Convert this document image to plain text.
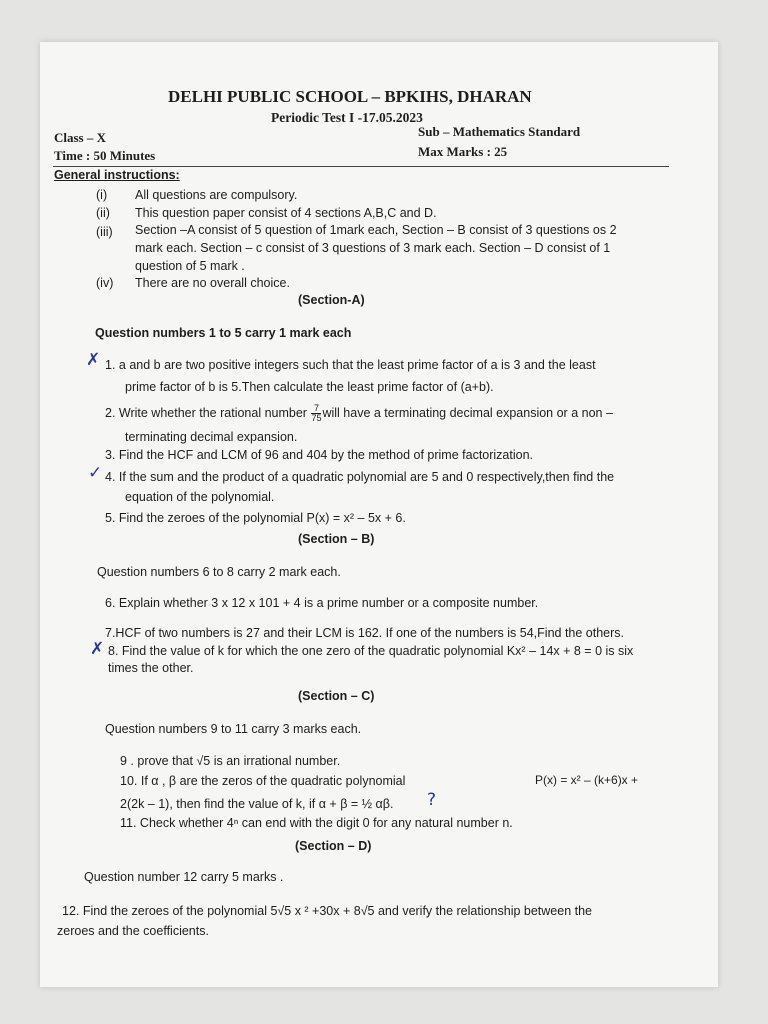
DELHI PUBLIC SCHOOL – BPKIHS, DHARAN
Periodic Test I -17.05.2023
Class – X	Sub – Mathematics Standard
Time : 50 Minutes	Max Marks : 25
General instructions:
(i) All questions are compulsory.
(ii) This question paper consist of 4 sections A,B,C and D.
(iii) Section –A consist of 5 question of 1mark each, Section – B consist of 3 questions os 2
mark each. Section – c consist of 3 questions of 3 mark each. Section – D consist of 1
question of 5 mark .
(iv) There are no overall choice.
(Section-A)
Question numbers 1 to 5 carry 1 mark each
✗ 1. a and b are two positive integers such that the least prime factor of a is 3 and the least
prime factor of b is 5.Then calculate the least prime factor of (a+b).
2. Write whether the rational number $\frac{7}{75}$ will have a terminating decimal expansion or a non –
terminating decimal expansion.
3. Find the HCF and LCM of 96 and 404 by the method of prime factorization.
✓ 4. If the sum and the product of a quadratic polynomial are 5 and 0 respectively,then find the
equation of the polynomial.
5. Find the zeroes of the polynomial P(x) = x² – 5x + 6.
(Section – B)
Question numbers 6 to 8 carry 2 mark each.
6. Explain whether 3 x 12 x 101 + 4 is a prime number or a composite number.
7.HCF of two numbers is 27 and their LCM is 162. If one of the numbers is 54,Find the others.
✗ 8. Find the value of k for which the one zero of the quadratic polynomial Kx² – 14x + 8 = 0 is six
times the other.
(Section – C)
Question numbers 9 to 11 carry 3 marks each.
9 . prove that √5 is an irrational number.
10. If α , β are the zeros of the quadratic polynomial	P(x) = x² – (k+6)x +
2(2k – 1), then find the value of k, if α + β = ½ αβ. ?
11. Check whether 4ⁿ can end with the digit 0 for any natural number n.
(Section – D)
Question number 12 carry 5 marks .
12. Find the zeroes of the polynomial 5√5 x ² +30x + 8√5 and verify the relationship between the
zeroes and the coefficients.
